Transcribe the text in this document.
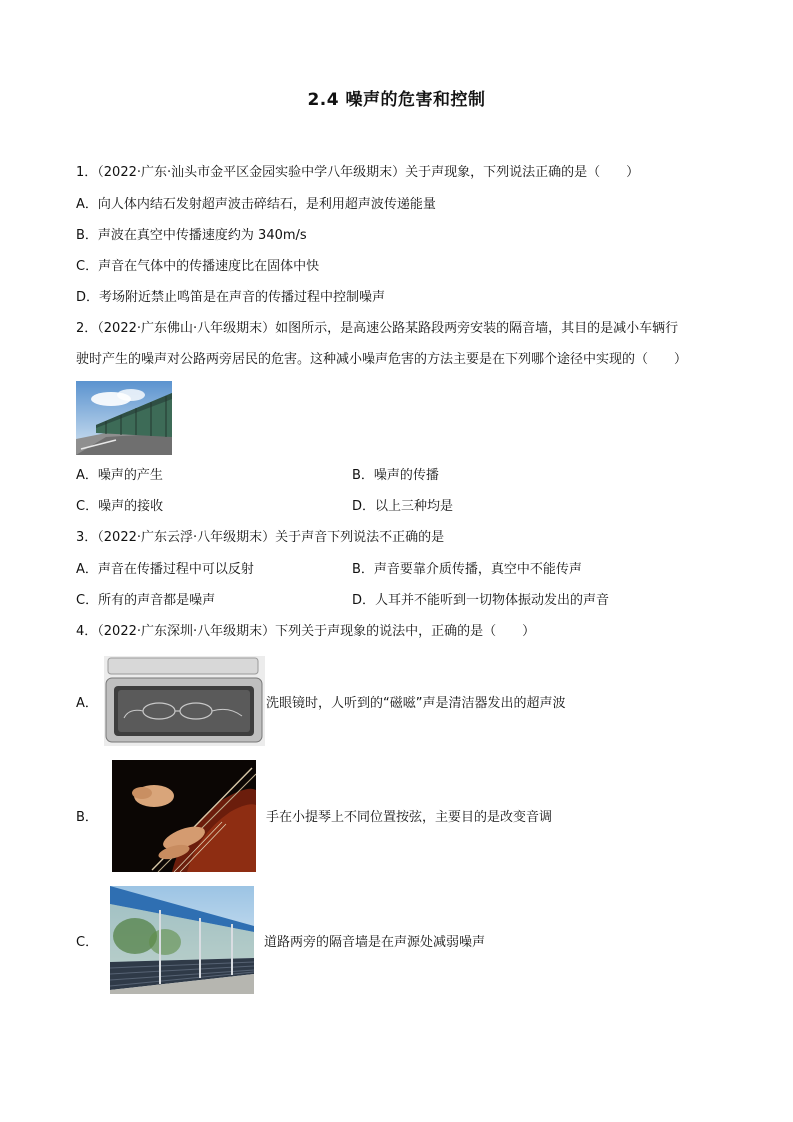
2.4 噪声的危害和控制
1．（2022·广东·汕头市金平区金园实验中学八年级期末）关于声现象，下列说法正确的是（　　）
A．向人体内结石发射超声波击碎结石，是利用超声波传递能量
B．声波在真空中传播速度约为 340m/s
C．声音在气体中的传播速度比在固体中快
D．考场附近禁止鸣笛是在声音的传播过程中控制噪声
2．（2022·广东佛山·八年级期末）如图所示，是高速公路某路段两旁安装的隔音墙，其目的是减小车辆行
驶时产生的噪声对公路两旁居民的危害。这种减小噪声危害的方法主要是在下列哪个途径中实现的（　　）
A．噪声的产生	B．噪声的传播
C．噪声的接收	D．以上三种均是
3．（2022·广东云浮·八年级期末）关于声音下列说法不正确的是
A．声音在传播过程中可以反射	B．声音要靠介质传播，真空中不能传声
C．所有的声音都是噪声	D．人耳并不能听到一切物体振动发出的声音
4．（2022·广东深圳·八年级期末）下列关于声现象的说法中，正确的是（　　）
A．	洗眼镜时，人听到的“磁嗞”声是清洁器发出的超声波
B．	手在小提琴上不同位置按弦，主要目的是改变音调
C．	道路两旁的隔音墙是在声源处减弱噪声
